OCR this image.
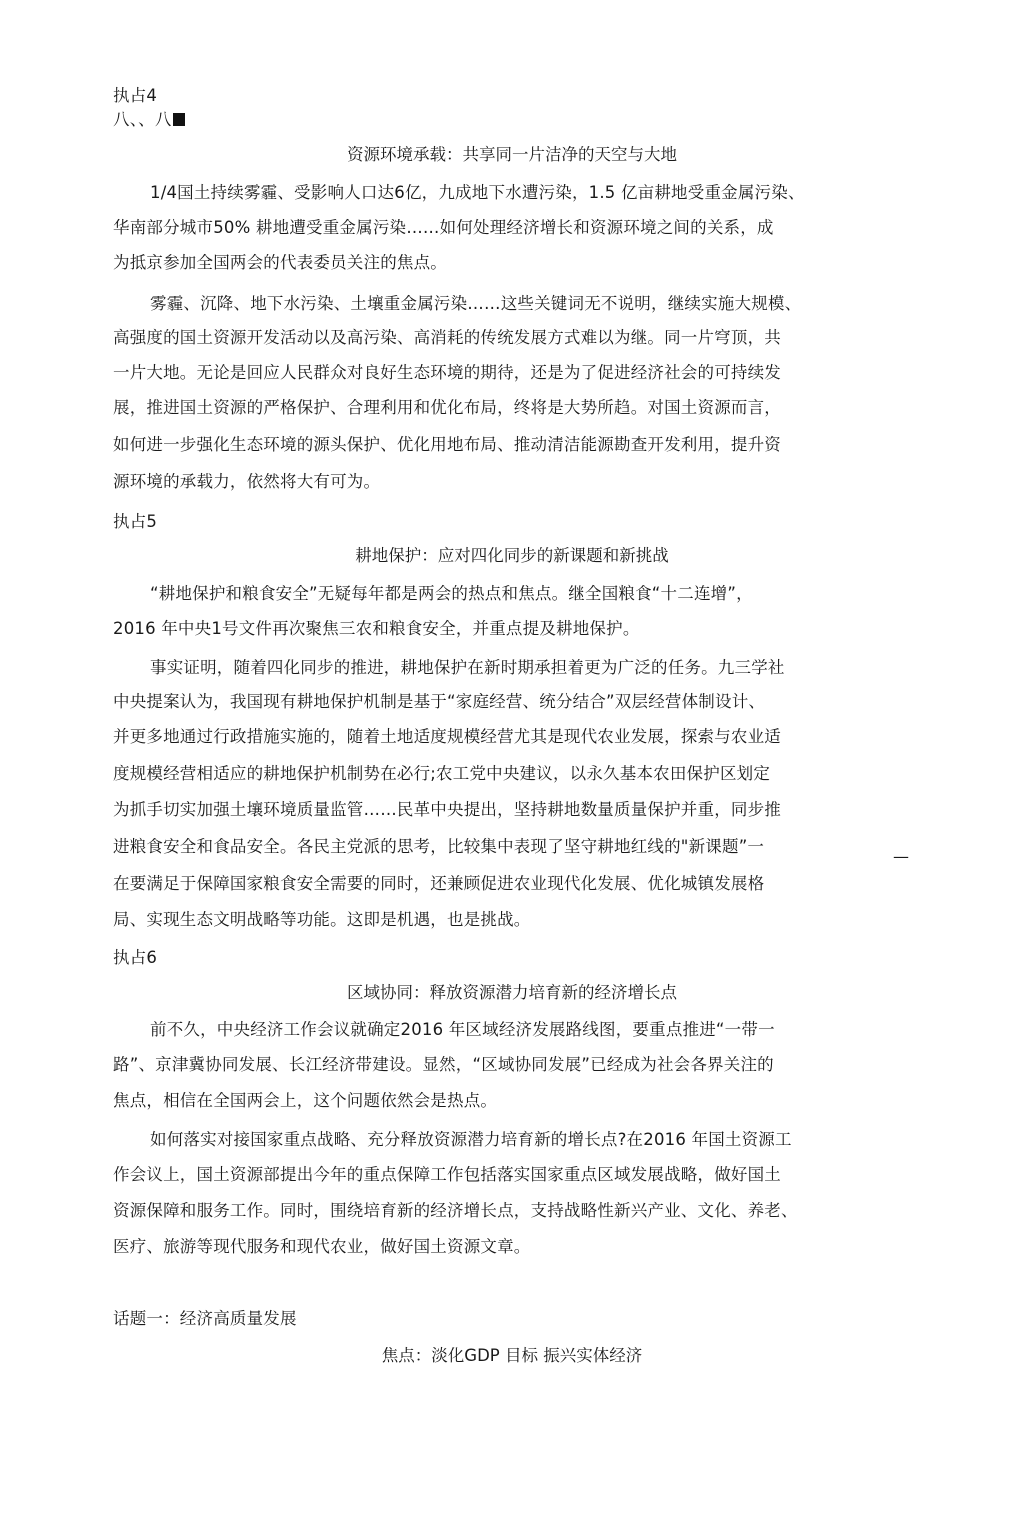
执占4
八、、八
资源环境承载：共享同一片洁净的天空与大地
1/4国土持续雾霾、受影响人口达6亿，九成地下水遭污染，1.5 亿亩耕地受重金属污染、
华南部分城市50% 耕地遭受重金属污染……如何处理经济增长和资源环境之间的关系，成
为抵京参加全国两会的代表委员关注的焦点。
雾霾、沉降、地下水污染、土壤重金属污染……这些关键词无不说明，继续实施大规模、
高强度的国土资源开发活动以及高污染、高消耗的传统发展方式难以为继。同一片穹顶，共
一片大地。无论是回应人民群众对良好生态环境的期待，还是为了促进经济社会的可持续发
展，推进国土资源的严格保护、合理利用和优化布局，终将是大势所趋。对国土资源而言，
如何进一步强化生态环境的源头保护、优化用地布局、推动清洁能源勘查开发利用，提升资
源环境的承载力，依然将大有可为。
执占5
耕地保护：应对四化同步的新课题和新挑战
“耕地保护和粮食安全”无疑每年都是两会的热点和焦点。继全国粮食“十二连增”，
2016 年中央1号文件再次聚焦三农和粮食安全，并重点提及耕地保护。
事实证明，随着四化同步的推进，耕地保护在新时期承担着更为广泛的任务。九三学社
中央提案认为，我国现有耕地保护机制是基于“家庭经营、统分结合”双层经营体制设计、
并更多地通过行政措施实施的，随着土地适度规模经营尤其是现代农业发展，探索与农业适
度规模经营相适应的耕地保护机制势在必行;农工党中央建议，以永久基本农田保护区划定
为抓手切实加强土壤环境质量监管……民革中央提出，坚持耕地数量质量保护并重，同步推
进粮食安全和食品安全。各民主党派的思考，比较集中表现了坚守耕地红线的"新课题”一
在要满足于保障国家粮食安全需要的同时，还兼顾促进农业现代化发展、优化城镇发展格
局、实现生态文明战略等功能。这即是机遇，也是挑战。
—
执占6
区域协同：释放资源潜力培育新的经济增长点
前不久，中央经济工作会议就确定2016 年区域经济发展路线图，要重点推进“一带一
路”、京津冀协同发展、长江经济带建设。显然，“区域协同发展”已经成为社会各界关注的
焦点，相信在全国两会上，这个问题依然会是热点。
如何落实对接国家重点战略、充分释放资源潜力培育新的增长点?在2016 年国土资源工
作会议上，国土资源部提出今年的重点保障工作包括落实国家重点区域发展战略，做好国土
资源保障和服务工作。同时，围绕培育新的经济增长点，支持战略性新兴产业、文化、养老、
医疗、旅游等现代服务和现代农业，做好国土资源文章。
话题一：经济高质量发展
焦点：淡化GDP 目标 振兴实体经济
